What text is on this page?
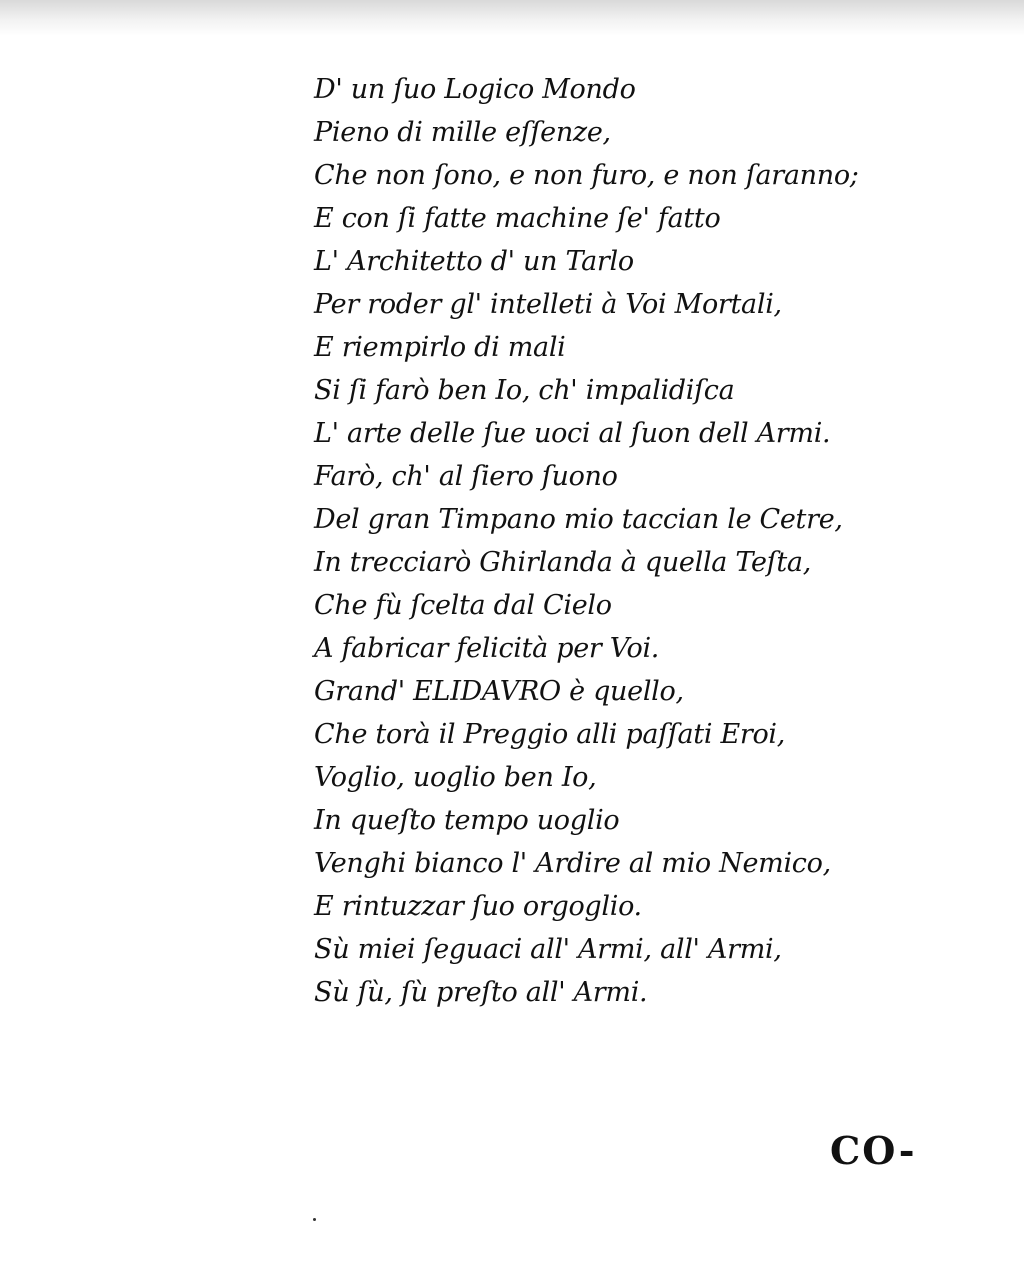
D' un ſuo Logico Mondo
Pieno di mille eſſenze,
Che non ſono, e non furo, e non ſaranno;
E con ſi fatte machine ſe' fatto
L' Architetto d' un Tarlo
Per roder gl' intelleti à Voi Mortali,
E riempirlo di mali
Si ſi farò ben Io, ch' impalidiſca
L' arte delle ſue uoci al ſuon dell Armi.
Farò, ch' al ſiero ſuono
Del gran Timpano mio taccian le Cetre,
In trecciarò Ghirlanda à quella Teſta,
Che fù ſcelta dal Cielo
A fabricar felicità per Voi.
Grand' ELIDAVRO è quello,
Che torà il Preggio alli paſſati Eroi,
Voglio, uoglio ben Io,
In queſto tempo uoglio
Venghi bianco l' Ardire al mio Nemico,
E rintuzzar ſuo orgoglio.
Sù miei ſeguaci all' Armi, all' Armi,
Sù ſù, ſù preſto all' Armi.
CO-
